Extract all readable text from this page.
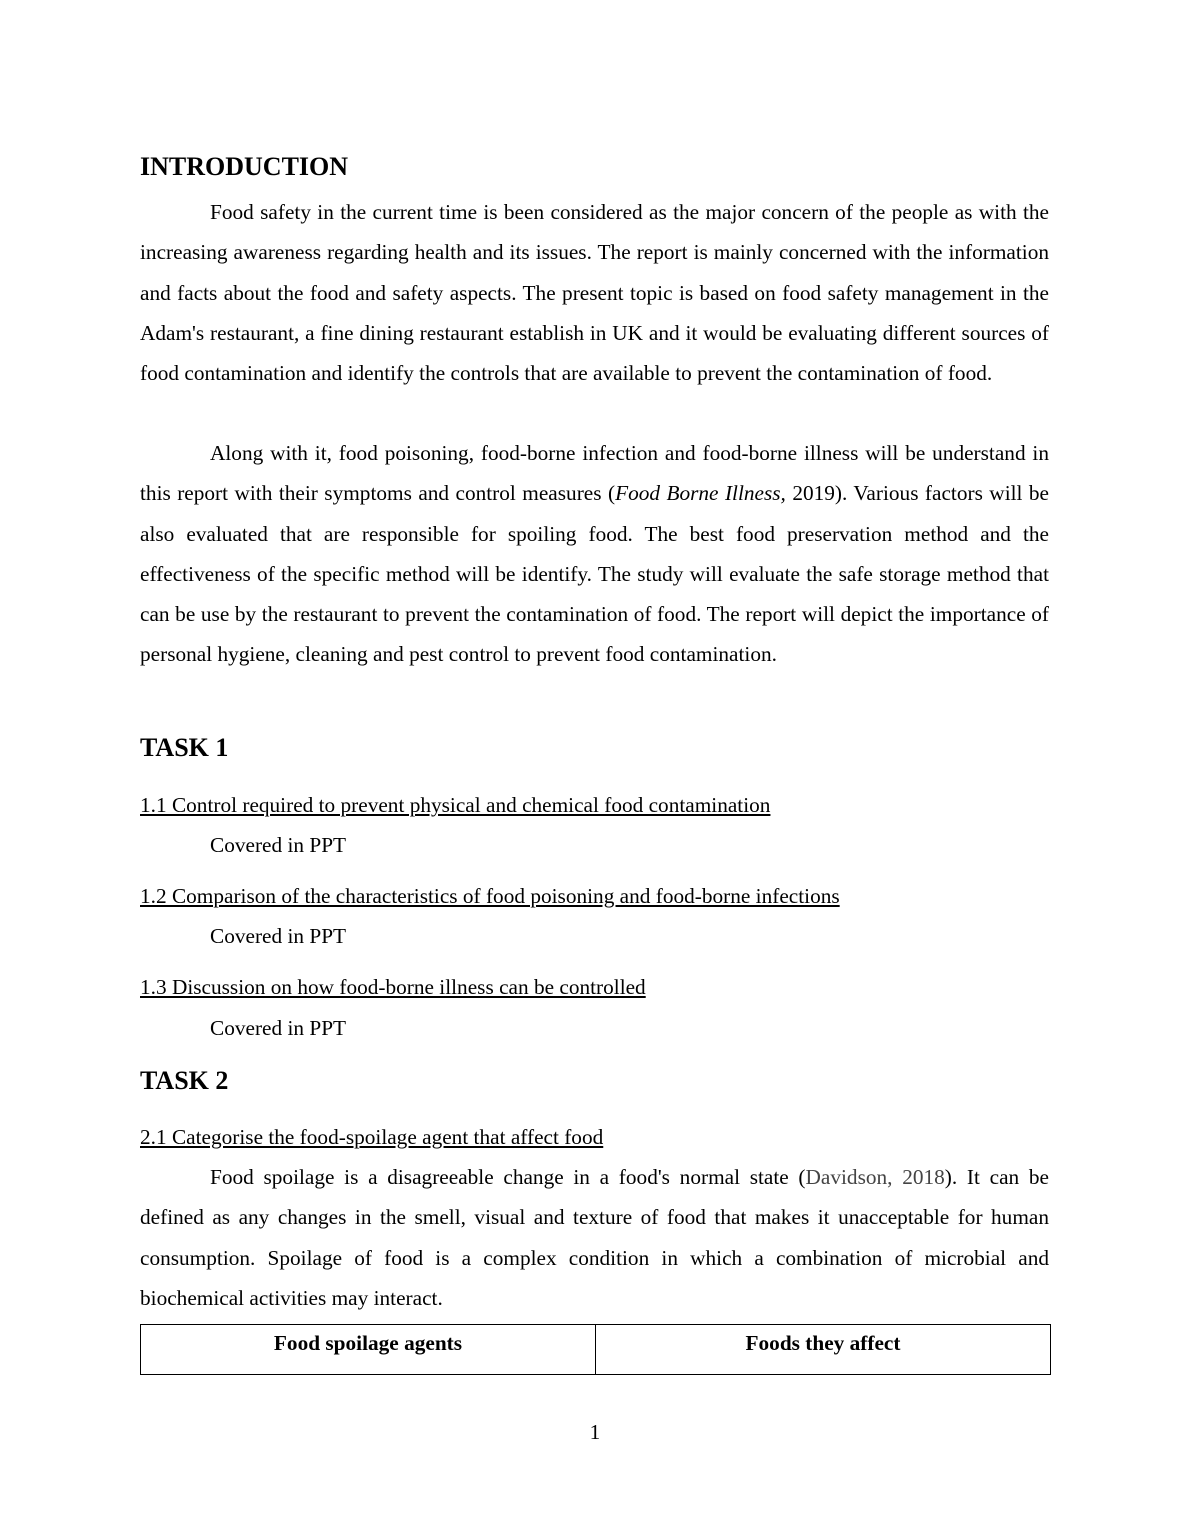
INTRODUCTION

Food safety in the current time is been considered as the major concern of the people as with the increasing awareness regarding health and its issues. The report is mainly concerned with the information and facts about the food and safety aspects. The present topic is based on food safety management in the Adam's restaurant, a fine dining restaurant establish in UK and it would be evaluating different sources of food contamination and identify the controls that are available to prevent the contamination of food.

Along with it, food poisoning, food-borne infection and food-borne illness will be understand in this report with their symptoms and control measures (Food Borne Illness, 2019). Various factors will be also evaluated that are responsible for spoiling food. The best food preservation method and the effectiveness of the specific method will be identify. The study will evaluate the safe storage method that can be use by the restaurant to prevent the contamination of food. The report will depict the importance of personal hygiene, cleaning and pest control to prevent food contamination.

TASK 1

1.1 Control required to prevent physical and chemical food contamination

Covered in PPT

1.2 Comparison of the characteristics of food poisoning and food-borne infections

Covered in PPT

1.3 Discussion on how food-borne illness can be controlled

Covered in PPT

TASK 2

2.1 Categorise the food-spoilage agent that affect food

Food spoilage is a disagreeable change in a food's normal state (Davidson, 2018). It can be defined as any changes in the smell, visual and texture of food that makes it unacceptable for human consumption. Spoilage of food is a complex condition in which a combination of microbial and biochemical activities may interact.

Food spoilage agents	Foods they affect
1
